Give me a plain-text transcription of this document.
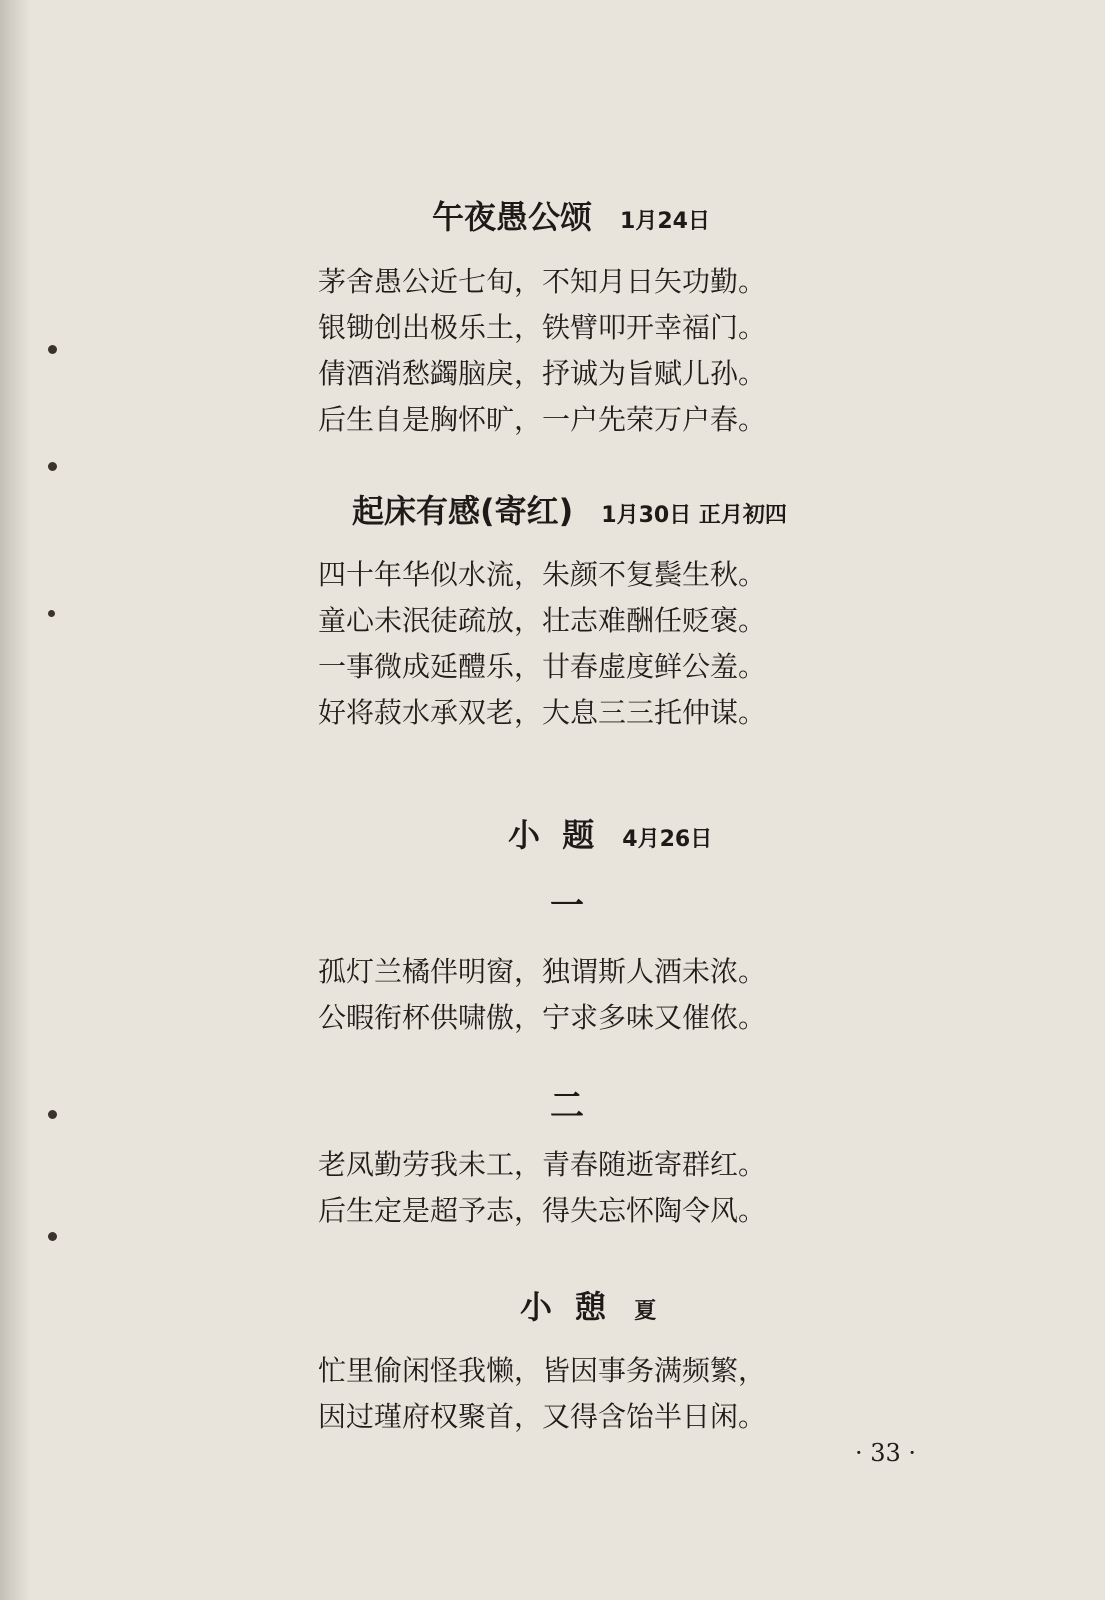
午夜愚公颂 1月24日
茅舍愚公近七旬，不知月日矢功勤。
银锄创出极乐土，铁臂叩开幸福门。
倩酒消愁蠲脑戾，抒诚为旨赋儿孙。
后生自是胸怀旷，一户先荣万户春。
起床有感(寄红) 1月30日 正月初四
四十年华似水流，朱颜不复鬓生秋。
童心未泯徒疏放，壮志难酬任贬褒。
一事微成延醴乐，廿春虚度鲜公羞。
好将菽水承双老，大息三三托仲谋。
小  题 4月26日
一
孤灯兰橘伴明窗，独谓斯人酒未浓。
公暇衔杯供啸傲，宁求多味又催侬。
二
老凤勤劳我未工，青春随逝寄群红。
后生定是超予志，得失忘怀陶令风。
小  憩 夏
忙里偷闲怪我懒，皆因事务满频繁，
因过瑾府权聚首，又得含饴半日闲。
· 33 ·
